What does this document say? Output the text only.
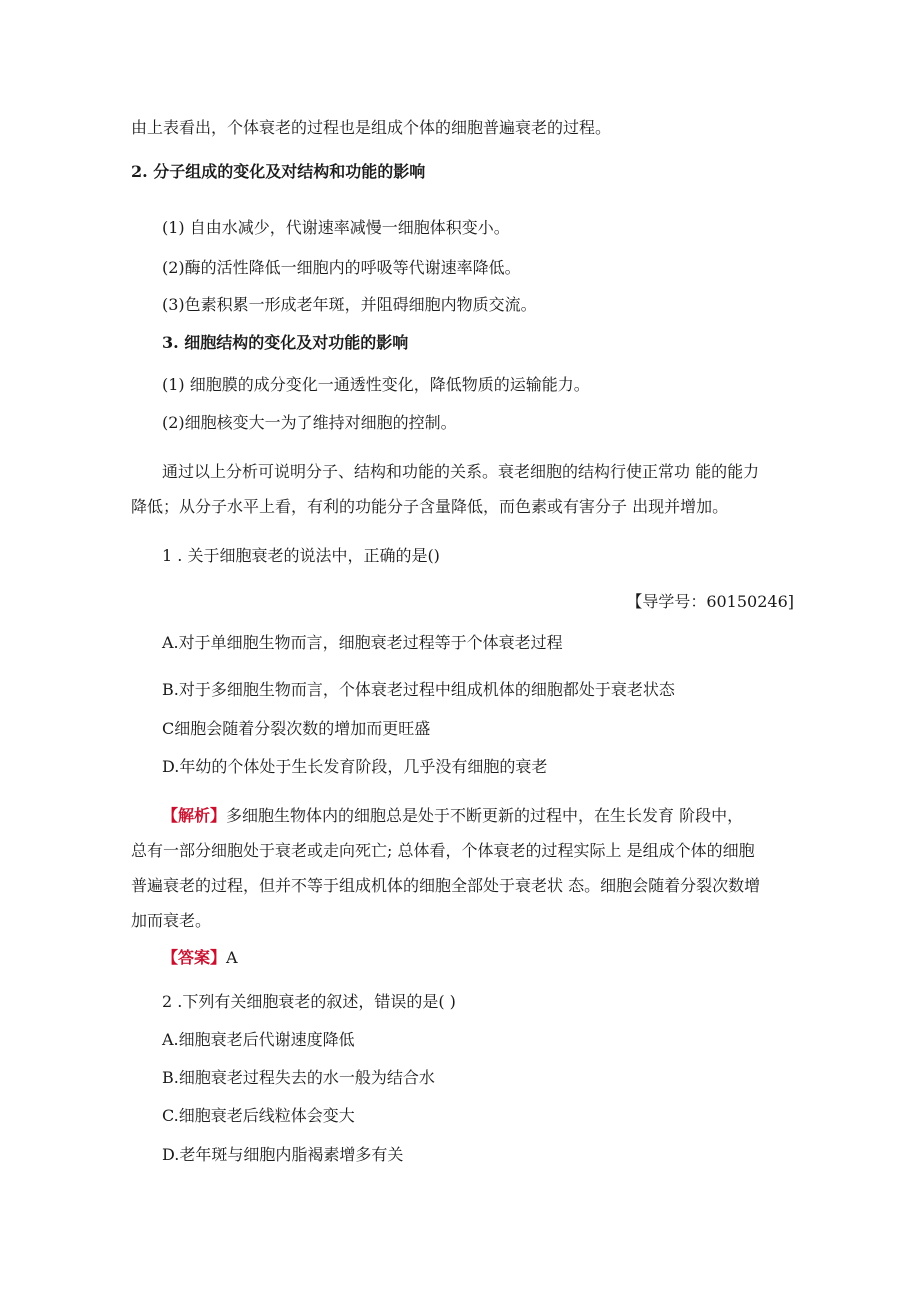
由上表看出，个体衰老的过程也是组成个体的细胞普遍衰老的过程。
2. 分子组成的变化及对结构和功能的影响
(1) 自由水减少，代谢速率减慢一细胞体积变小。
(2)酶的活性降低一细胞内的呼吸等代谢速率降低。
(3)色素积累一形成老年斑，并阻碍细胞内物质交流。
3. 细胞结构的变化及对功能的影响
(1) 细胞膜的成分变化一通透性变化，降低物质的运输能力。
(2)细胞核变大一为了维持对细胞的控制。
通过以上分析可说明分子、结构和功能的关系。衰老细胞的结构行使正常功 能的能力
降低；从分子水平上看，有利的功能分子含量降低，而色素或有害分子 出现并增加。
1 . 关于细胞衰老的说法中，正确的是()
【导学号：60150246]
A.对于单细胞生物而言，细胞衰老过程等于个体衰老过程
B.对于多细胞生物而言，个体衰老过程中组成机体的细胞都处于衰老状态
C细胞会随着分裂次数的增加而更旺盛
D.年幼的个体处于生长发育阶段，几乎没有细胞的衰老
【解析】多细胞生物体内的细胞总是处于不断更新的过程中，在生长发育 阶段中，
总有一部分细胞处于衰老或走向死亡; 总体看，个体衰老的过程实际上 是组成个体的细胞
普遍衰老的过程，但并不等于组成机体的细胞全部处于衰老状 态。细胞会随着分裂次数增
加而衰老。
【答案】A
2 .下列有关细胞衰老的叙述，错误的是( )
A.细胞衰老后代谢速度降低
B.细胞衰老过程失去的水一般为结合水
C.细胞衰老后线粒体会变大
D.老年斑与细胞内脂褐素增多有关
